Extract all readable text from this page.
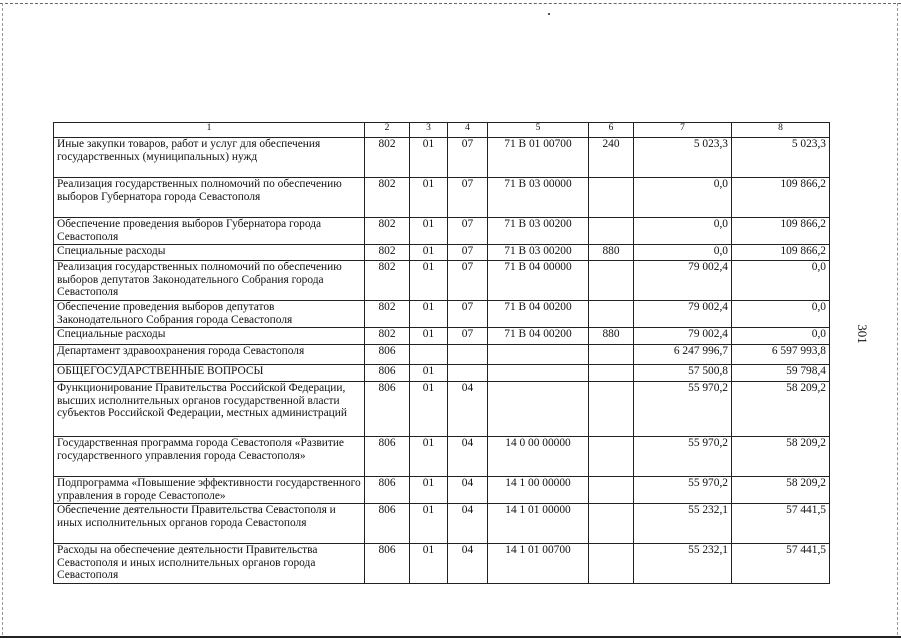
1	2	3	4	5	6	7	8
Иные закупки товаров, работ и услуг для обеспечения государственных (муниципальных) нужд	802	01	07	71 В 01 00700	240	5 023,3	5 023,3
Реализация государственных полномочий по обеспечению выборов Губернатора города Севастополя	802	01	07	71 В 03 00000		0,0	109 866,2
Обеспечение проведения выборов Губернатора города Севастополя	802	01	07	71 В 03 00200		0,0	109 866,2
Специальные расходы	802	01	07	71 В 03 00200	880	0,0	109 866,2
Реализация государственных полномочий по обеспечению выборов депутатов Законодательного Собрания города Севастополя	802	01	07	71 В 04 00000		79 002,4	0,0
Обеспечение проведения выборов депутатов Законодательного Собрания города Севастополя	802	01	07	71 В 04 00200		79 002,4	0,0
Специальные расходы	802	01	07	71 В 04 00200	880	79 002,4	0,0
Департамент здравоохранения города Севастополя	806					6 247 996,7	6 597 993,8
ОБЩЕГОСУДАРСТВЕННЫЕ ВОПРОСЫ	806	01				57 500,8	59 798,4
Функционирование Правительства Российской Федерации, высших исполнительных органов государственной власти субъектов Российской Федерации, местных администраций	806	01	04			55 970,2	58 209,2
Государственная программа города Севастополя «Развитие государственного управления города Севастополя»	806	01	04	14 0 00 00000		55 970,2	58 209,2
Подпрограмма «Повышение эффективности государственного управления в городе Севастополе»	806	01	04	14 1 00 00000		55 970,2	58 209,2
Обеспечение деятельности Правительства Севастополя и иных исполнительных органов города Севастополя	806	01	04	14 1 01 00000		55 232,1	57 441,5
Расходы на обеспечение деятельности Правительства Севастополя и иных исполнительных органов города Севастополя	806	01	04	14 1 01 00700		55 232,1	57 441,5
301
